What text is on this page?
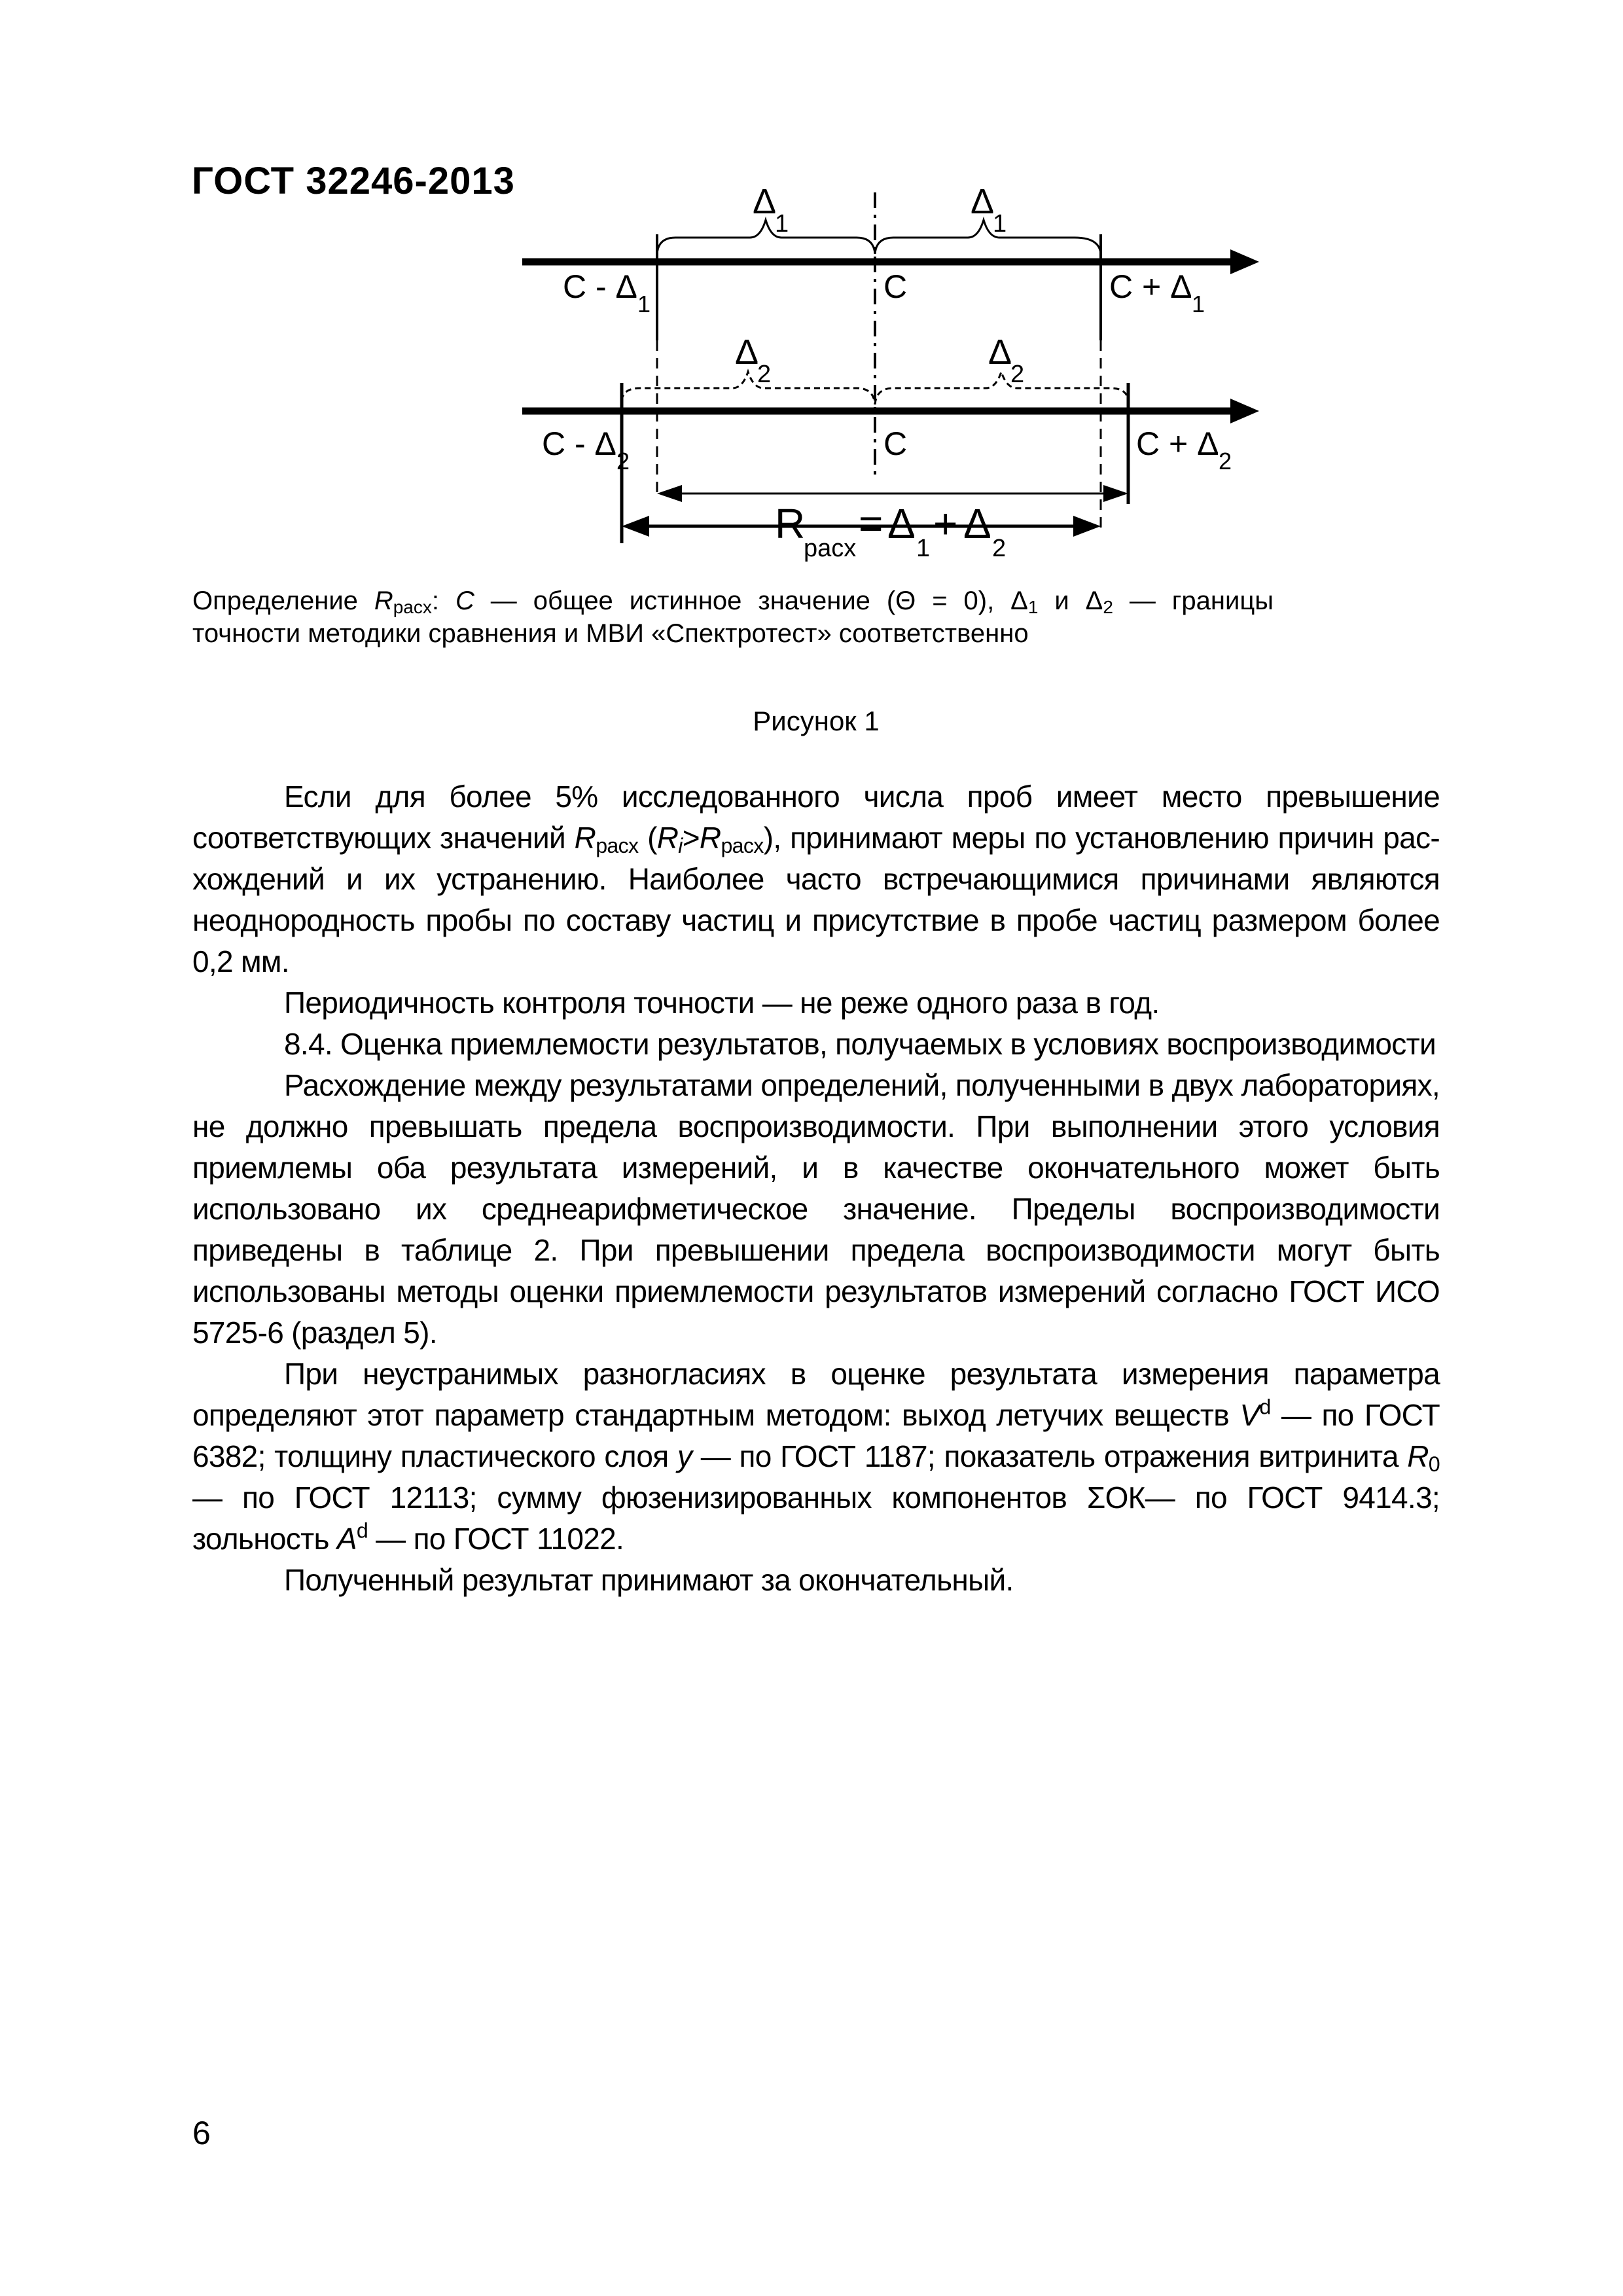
ГОСТ 32246-2013	Δ
1
Δ
1
Δ
2
Δ
2
C - Δ 1	C	C + Δ 1
C - Δ 2	C	C + Δ 2
R
расх
= Δ
1
+ Δ
2
Определение $R_{расх}$: С — общее истинное значение (Θ = 0), $\Delta_1$ и $\Delta_2$ — границы
точности методики сравнения и МВИ «Спектротест» соответственно
Рисунок 1

Если для более 5% исследованного числа проб имеет место превышение соответствующих значений $R_{расх}$ $(R_i>R_{расх})$, принимают меры по установлению причин рас-хождений и их устранению. Наиболее часто встречающимися причинами являются неоднородность пробы по составу частиц и присутствие в пробе частиц размером более 0,2 мм.

Периодичность контроля точности — не реже одного раза в год.

8.4. Оценка приемлемости результатов, получаемых в условиях воспроизводимости

Расхождение между результатами определений, полученными в двух лабораториях, не должно превышать предела воспроизводимости. При выполнении этого условия приемлемы оба результата измерений, и в качестве окончательного может быть использовано их среднеарифметическое значение. Пределы воспроизводимости приведены в таблице 2. При превышении предела воспроизводимости могут быть использованы методы оценки приемлемости результатов измерений согласно ГОСТ ИСО 5725-6 (раздел 5).

При неустранимых разногласиях в оценке результата измерения параметра определяют этот параметр стандартным методом: выход летучих веществ $V^d$ — по ГОСТ 6382; толщину пластического слоя у — по ГОСТ 1187; показатель отражения витринита $R_0$ — по ГОСТ 12113; сумму фюзенизированных компонентов ΣОК— по ГОСТ 9414.3; зольность $А^d$ — по ГОСТ 11022.

Полученный результат принимают за окончательный.

6
